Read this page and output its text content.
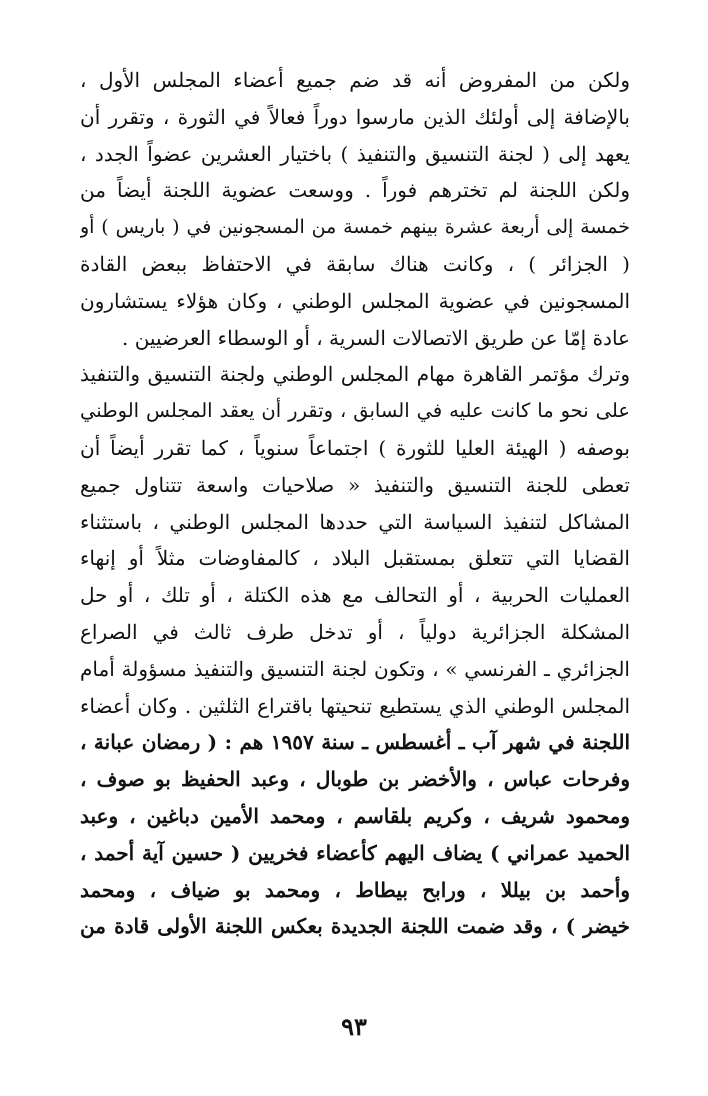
ولكن من المفروض أنه قد ضم جميع أعضاء المجلس الأول ،
بالإضافة إلى أولئك الذين مارسوا دوراً فعالاً في الثورة ، وتقرر أن
يعهد إلى ( لجنة التنسيق والتنفيذ ) باختيار العشرين عضواً الجدد ،
ولكن اللجنة لم تخترهم فوراً . ووسعت عضوية اللجنة أيضاً من
خمسة إلى أربعة عشرة بينهم خمسة من المسجونين في ( باريس ) أو
( الجزائر ) ، وكانت هناك سابقة في الاحتفاظ ببعض القادة
المسجونين في عضوية المجلس الوطني ، وكان هؤلاء يستشارون
عادة إمّا عن طريق الاتصالات السرية ، أو الوسطاء العرضيين .
وترك مؤتمر القاهرة مهام المجلس الوطني ولجنة التنسيق والتنفيذ
على نحو ما كانت عليه في السابق ، وتقرر أن يعقد المجلس الوطني
بوصفه ( الهيئة العليا للثورة ) اجتماعاً سنوياً ، كما تقرر أيضاً أن
تعطى للجنة التنسيق والتنفيذ « صلاحيات واسعة تتناول جميع
المشاكل لتنفيذ السياسة التي حددها المجلس الوطني ، باستثناء
القضايا التي تتعلق بمستقبل البلاد ، كالمفاوضات مثلاً أو إنهاء
العمليات الحربية ، أو التحالف مع هذه الكتلة ، أو تلك ، أو حل
المشكلة الجزائرية دولياً ، أو تدخل طرف ثالث في الصراع
الجزائري ـ الفرنسي » ، وتكون لجنة التنسيق والتنفيذ مسؤولة أمام
المجلس الوطني الذي يستطيع تنحيتها باقتراع الثلثين . وكان أعضاء
اللجنة في شهر آب ـ أغسطس ـ سنة ١٩٥٧ هم : ( رمضان عبانة ،
وفرحات عباس ، والأخضر بن طوبال ، وعبد الحفيظ بو صوف ،
ومحمود شريف ، وكريم بلقاسم ، ومحمد الأمين دباغين ، وعبد
الحميد عمراني ) يضاف اليهم كأعضاء فخريين ( حسين آية أحمد ،
وأحمد بن بيللا ، ورابح بيطاط ، ومحمد بو ضياف ، ومحمد
خيضر ) ، وقد ضمت اللجنة الجديدة بعكس اللجنة الأولى قادة من
٩٣
